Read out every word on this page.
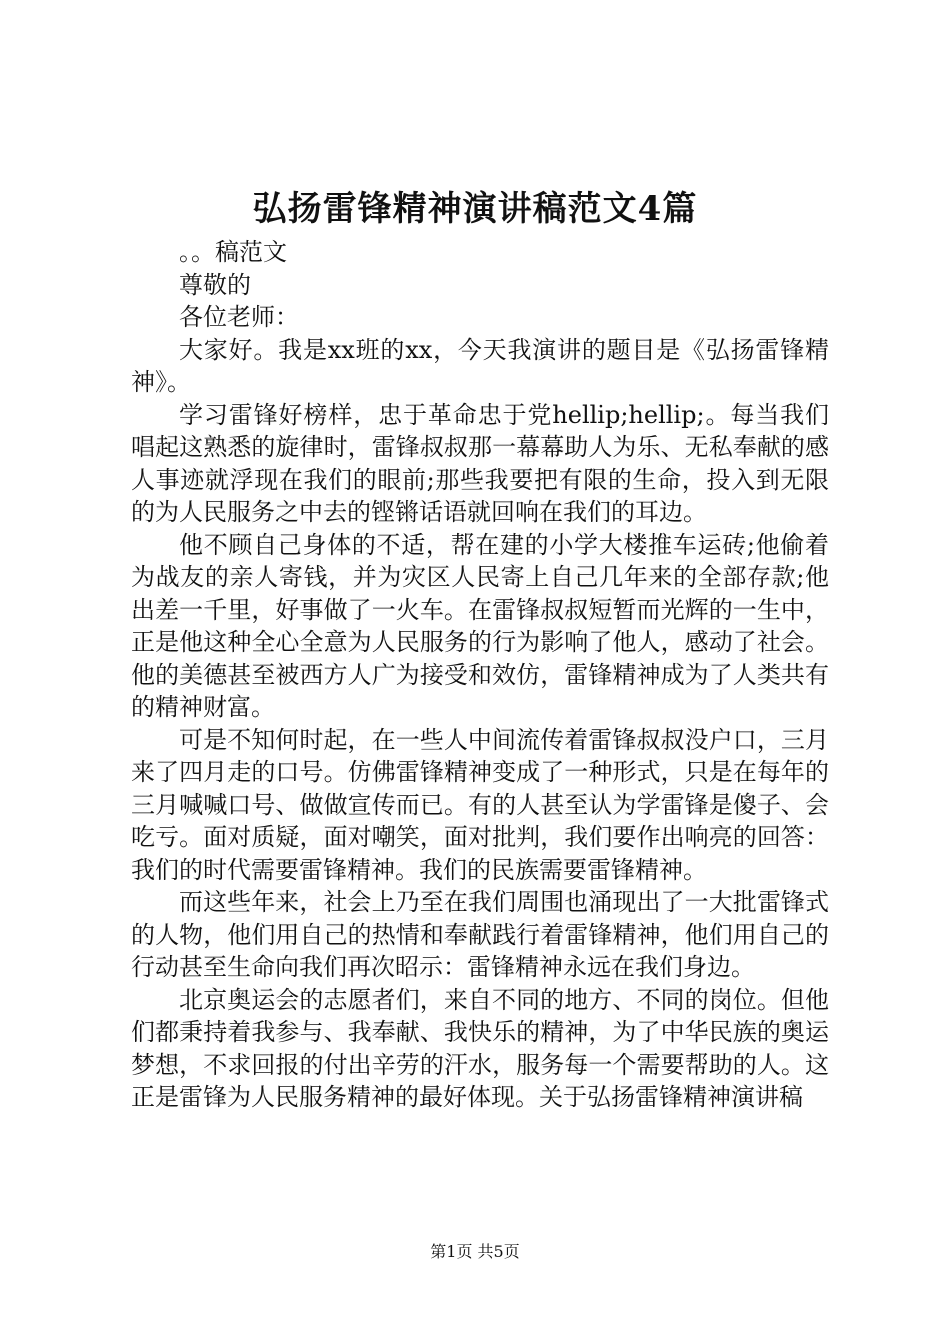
弘扬雷锋精神演讲稿范文4篇

。。稿范文

尊敬的

各位老师：

大家好。我是xx班的xx，今天我演讲的题目是《弘扬雷锋精神》。

学习雷锋好榜样，忠于革命忠于党hellip;hellip;。每当我们唱起这熟悉的旋律时，雷锋叔叔那一幕幕助人为乐、无私奉献的感人事迹就浮现在我们的眼前;那些我要把有限的生命，投入到无限的为人民服务之中去的铿锵话语就回响在我们的耳边。

他不顾自己身体的不适，帮在建的小学大楼推车运砖;他偷着为战友的亲人寄钱，并为灾区人民寄上自己几年来的全部存款;他出差一千里，好事做了一火车。在雷锋叔叔短暂而光辉的一生中，正是他这种全心全意为人民服务的行为影响了他人，感动了社会。他的美德甚至被西方人广为接受和效仿，雷锋精神成为了人类共有的精神财富。

可是不知何时起，在一些人中间流传着雷锋叔叔没户口，三月来了四月走的口号。仿佛雷锋精神变成了一种形式，只是在每年的三月喊喊口号、做做宣传而已。有的人甚至认为学雷锋是傻子、会吃亏。面对质疑，面对嘲笑，面对批判，我们要作出响亮的回答：我们的时代需要雷锋精神。我们的民族需要雷锋精神。

而这些年来，社会上乃至在我们周围也涌现出了一大批雷锋式的人物，他们用自己的热情和奉献践行着雷锋精神，他们用自己的行动甚至生命向我们再次昭示：雷锋精神永远在我们身边。

北京奥运会的志愿者们，来自不同的地方、不同的岗位。但他们都秉持着我参与、我奉献、我快乐的精神，为了中华民族的奥运梦想，不求回报的付出辛劳的汗水，服务每一个需要帮助的人。这正是雷锋为人民服务精神的最好体现。关于弘扬雷锋精神演讲稿

第1页 共5页
